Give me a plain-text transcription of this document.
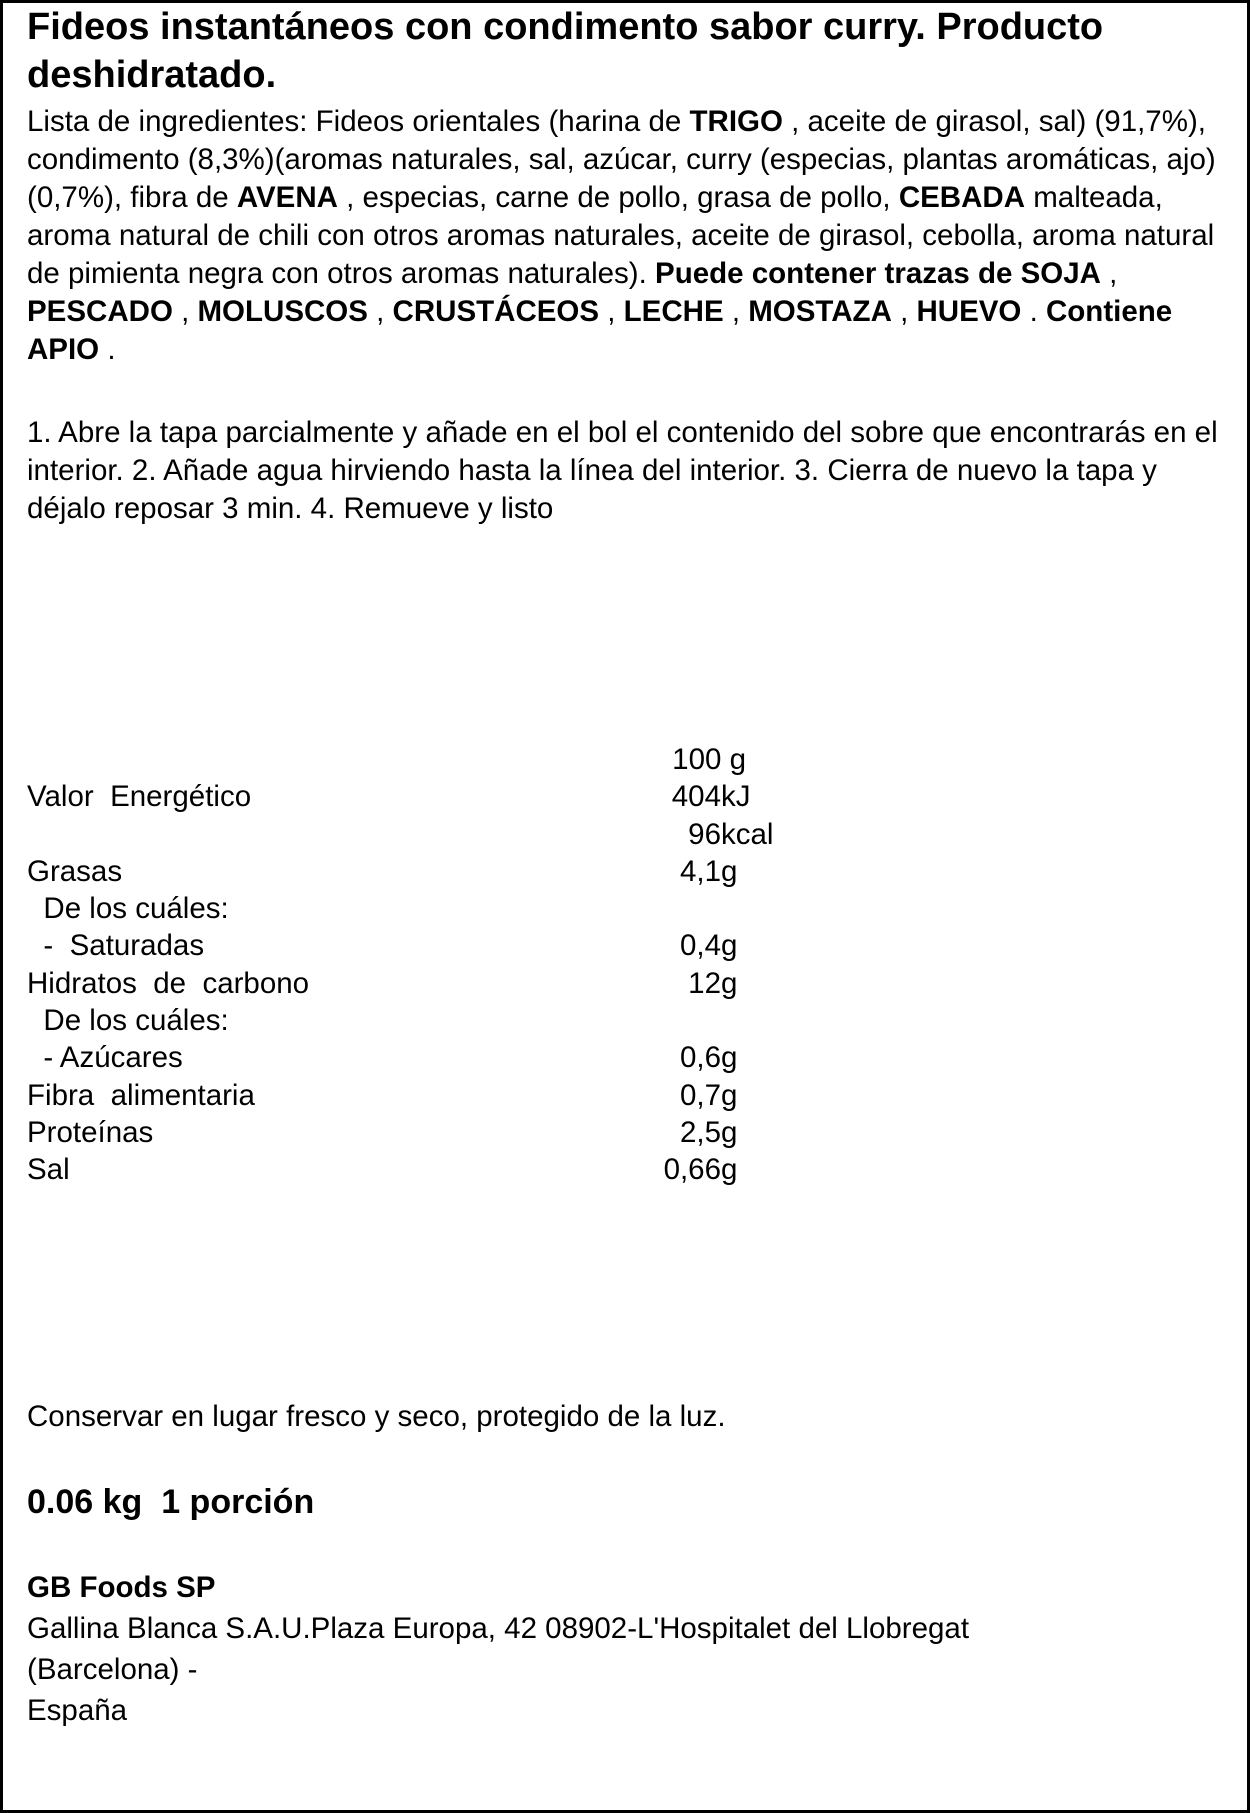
Fideos instantáneos con condimento sabor curry. Producto deshidratado.
Lista de ingredientes: Fideos orientales (harina de TRIGO , aceite de girasol, sal) (91,7%), condimento (8,3%)(aromas naturales, sal, azúcar, curry (especias, plantas aromáticas, ajo) (0,7%), fibra de AVENA , especias, carne de pollo, grasa de pollo, CEBADA malteada, aroma natural de chili con otros aromas naturales, aceite de girasol, cebolla, aroma natural de pimienta negra con otros aromas naturales). Puede contener trazas de SOJA , PESCADO , MOLUSCOS , CRUSTÁCEOS , LECHE , MOSTAZA , HUEVO . Contiene APIO .
1. Abre la tapa parcialmente y añade en el bol el contenido del sobre que encontrarás en el interior. 2. Añade agua hirviendo hasta la línea del interior. 3. Cierra de nuevo la tapa y déjalo reposar 3 min. 4. Remueve y listo
100 g
Valor  Energético	404 kJ
96 kcal
Grasas	4,1 g
De los cuáles:
-  Saturadas	0,4 g
Hidratos  de  carbono	12 g
De los cuáles:
- Azúcares	0,6 g
Fibra  alimentaria	0,7 g
Proteínas	2,5 g
Sal	0,66 g
Conservar en lugar fresco y seco, protegido de la luz.
0.06 kg  1 porción
GB Foods SP
Gallina Blanca S.A.U.Plaza Europa, 42 08902-L'Hospitalet del Llobregat
(Barcelona) -
España
